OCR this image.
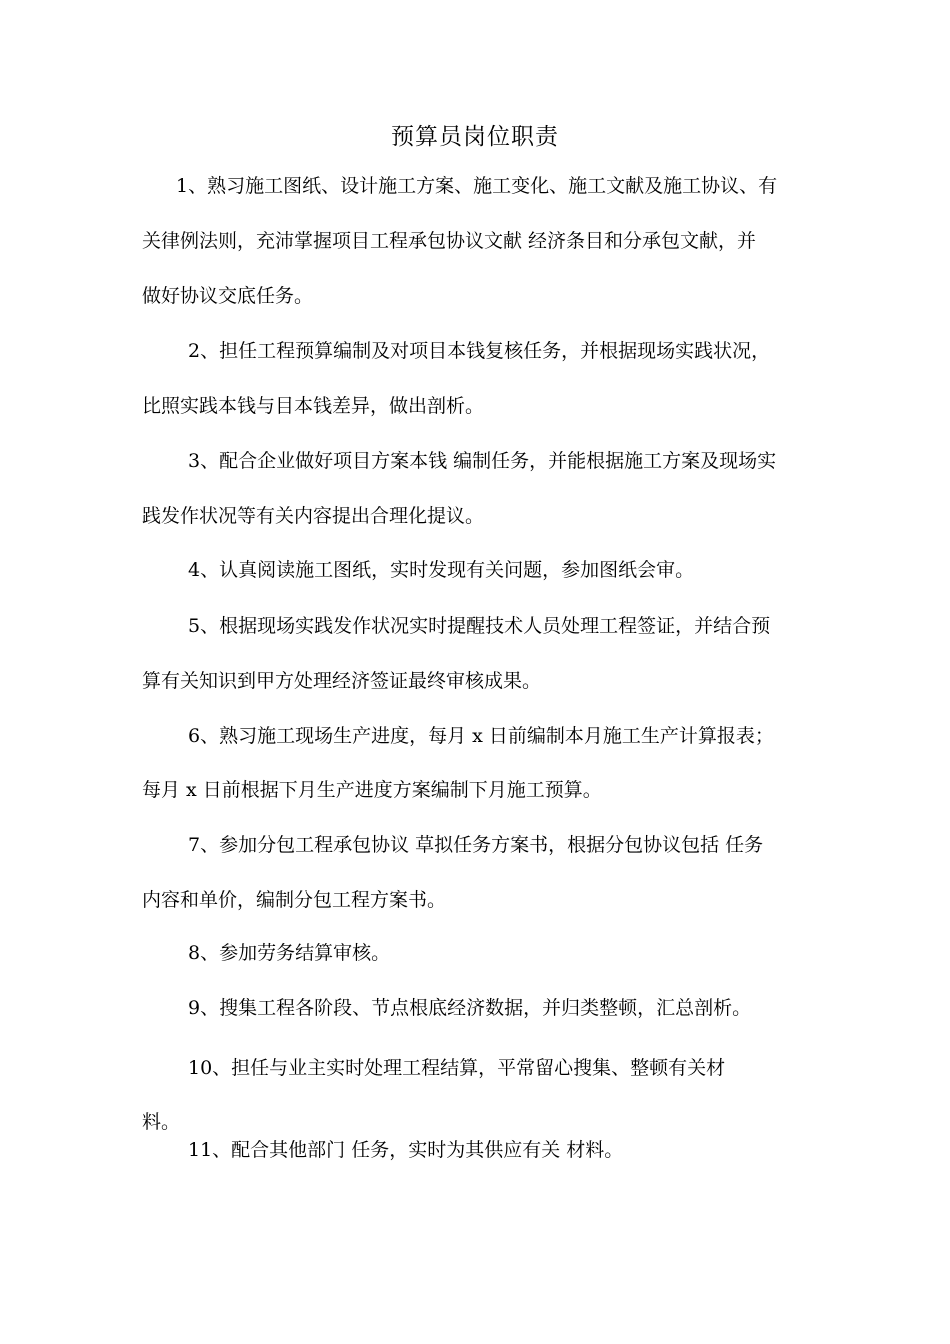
预算员岗位职责
1、熟习施工图纸、设计施工方案、施工变化、施工文献及施工协议、有
关律例法则，充沛掌握项目工程承包协议文献 经济条目和分承包文献，并
做好协议交底任务。
2、担任工程预算编制及对项目本钱复核任务，并根据现场实践状况，
比照实践本钱与目本钱差异，做出剖析。
3、配合企业做好项目方案本钱 编制任务，并能根据施工方案及现场实
践发作状况等有关内容提出合理化提议。
4、认真阅读施工图纸，实时发现有关问题，参加图纸会审。
5、根据现场实践发作状况实时提醒技术人员处理工程签证，并结合预
算有关知识到甲方处理经济签证最终审核成果。
6、熟习施工现场生产进度，每月 x 日前编制本月施工生产计算报表；
每月 x 日前根据下月生产进度方案编制下月施工预算。
7、参加分包工程承包协议 草拟任务方案书，根据分包协议包括 任务
内容和单价，编制分包工程方案书。
8、参加劳务结算审核。
9、搜集工程各阶段、节点根底经济数据，并归类整顿，汇总剖析。
10、担任与业主实时处理工程结算，平常留心搜集、整顿有关材
料。
11、配合其他部门 任务，实时为其供应有关 材料。
